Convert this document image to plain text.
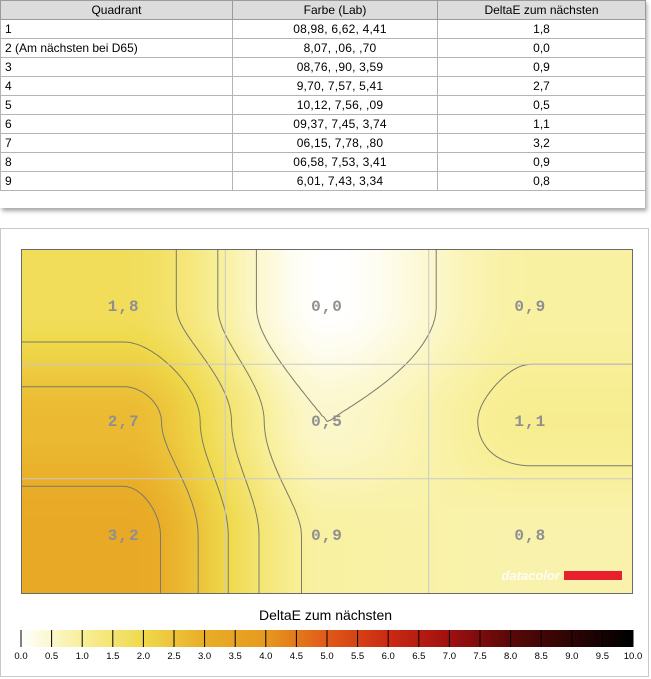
Quadrant	Farbe (Lab)	DeltaE zum nächsten
1	08,98, 6,62, 4,41	1,8
2 (Am nächsten bei D65)	8,07, ,06, ,70	0,0
3	08,76, ,90, 3,59	0,9
4	9,70, 7,57, 5,41	2,7
5	10,12, 7,56, ,09	0,5
6	09,37, 7,45, 3,74	1,1
7	06,15, 7,78, ,80	3,2
8	06,58, 7,53, 3,41	0,9
9	6,01, 7,43, 3,34	0,8
datacolor
1,8	0,0	0,9
2,7	0,5	1,1
3,2	0,9	0,8
DeltaE zum nächsten
0.0 0.5 1.0 1.5 2.0 2.5 3.0 3.5 4.0 4.5 5.0 5.5 6.0 6.5 7.0 7.5 8.0 8.5 9.0 9.5 10.0
